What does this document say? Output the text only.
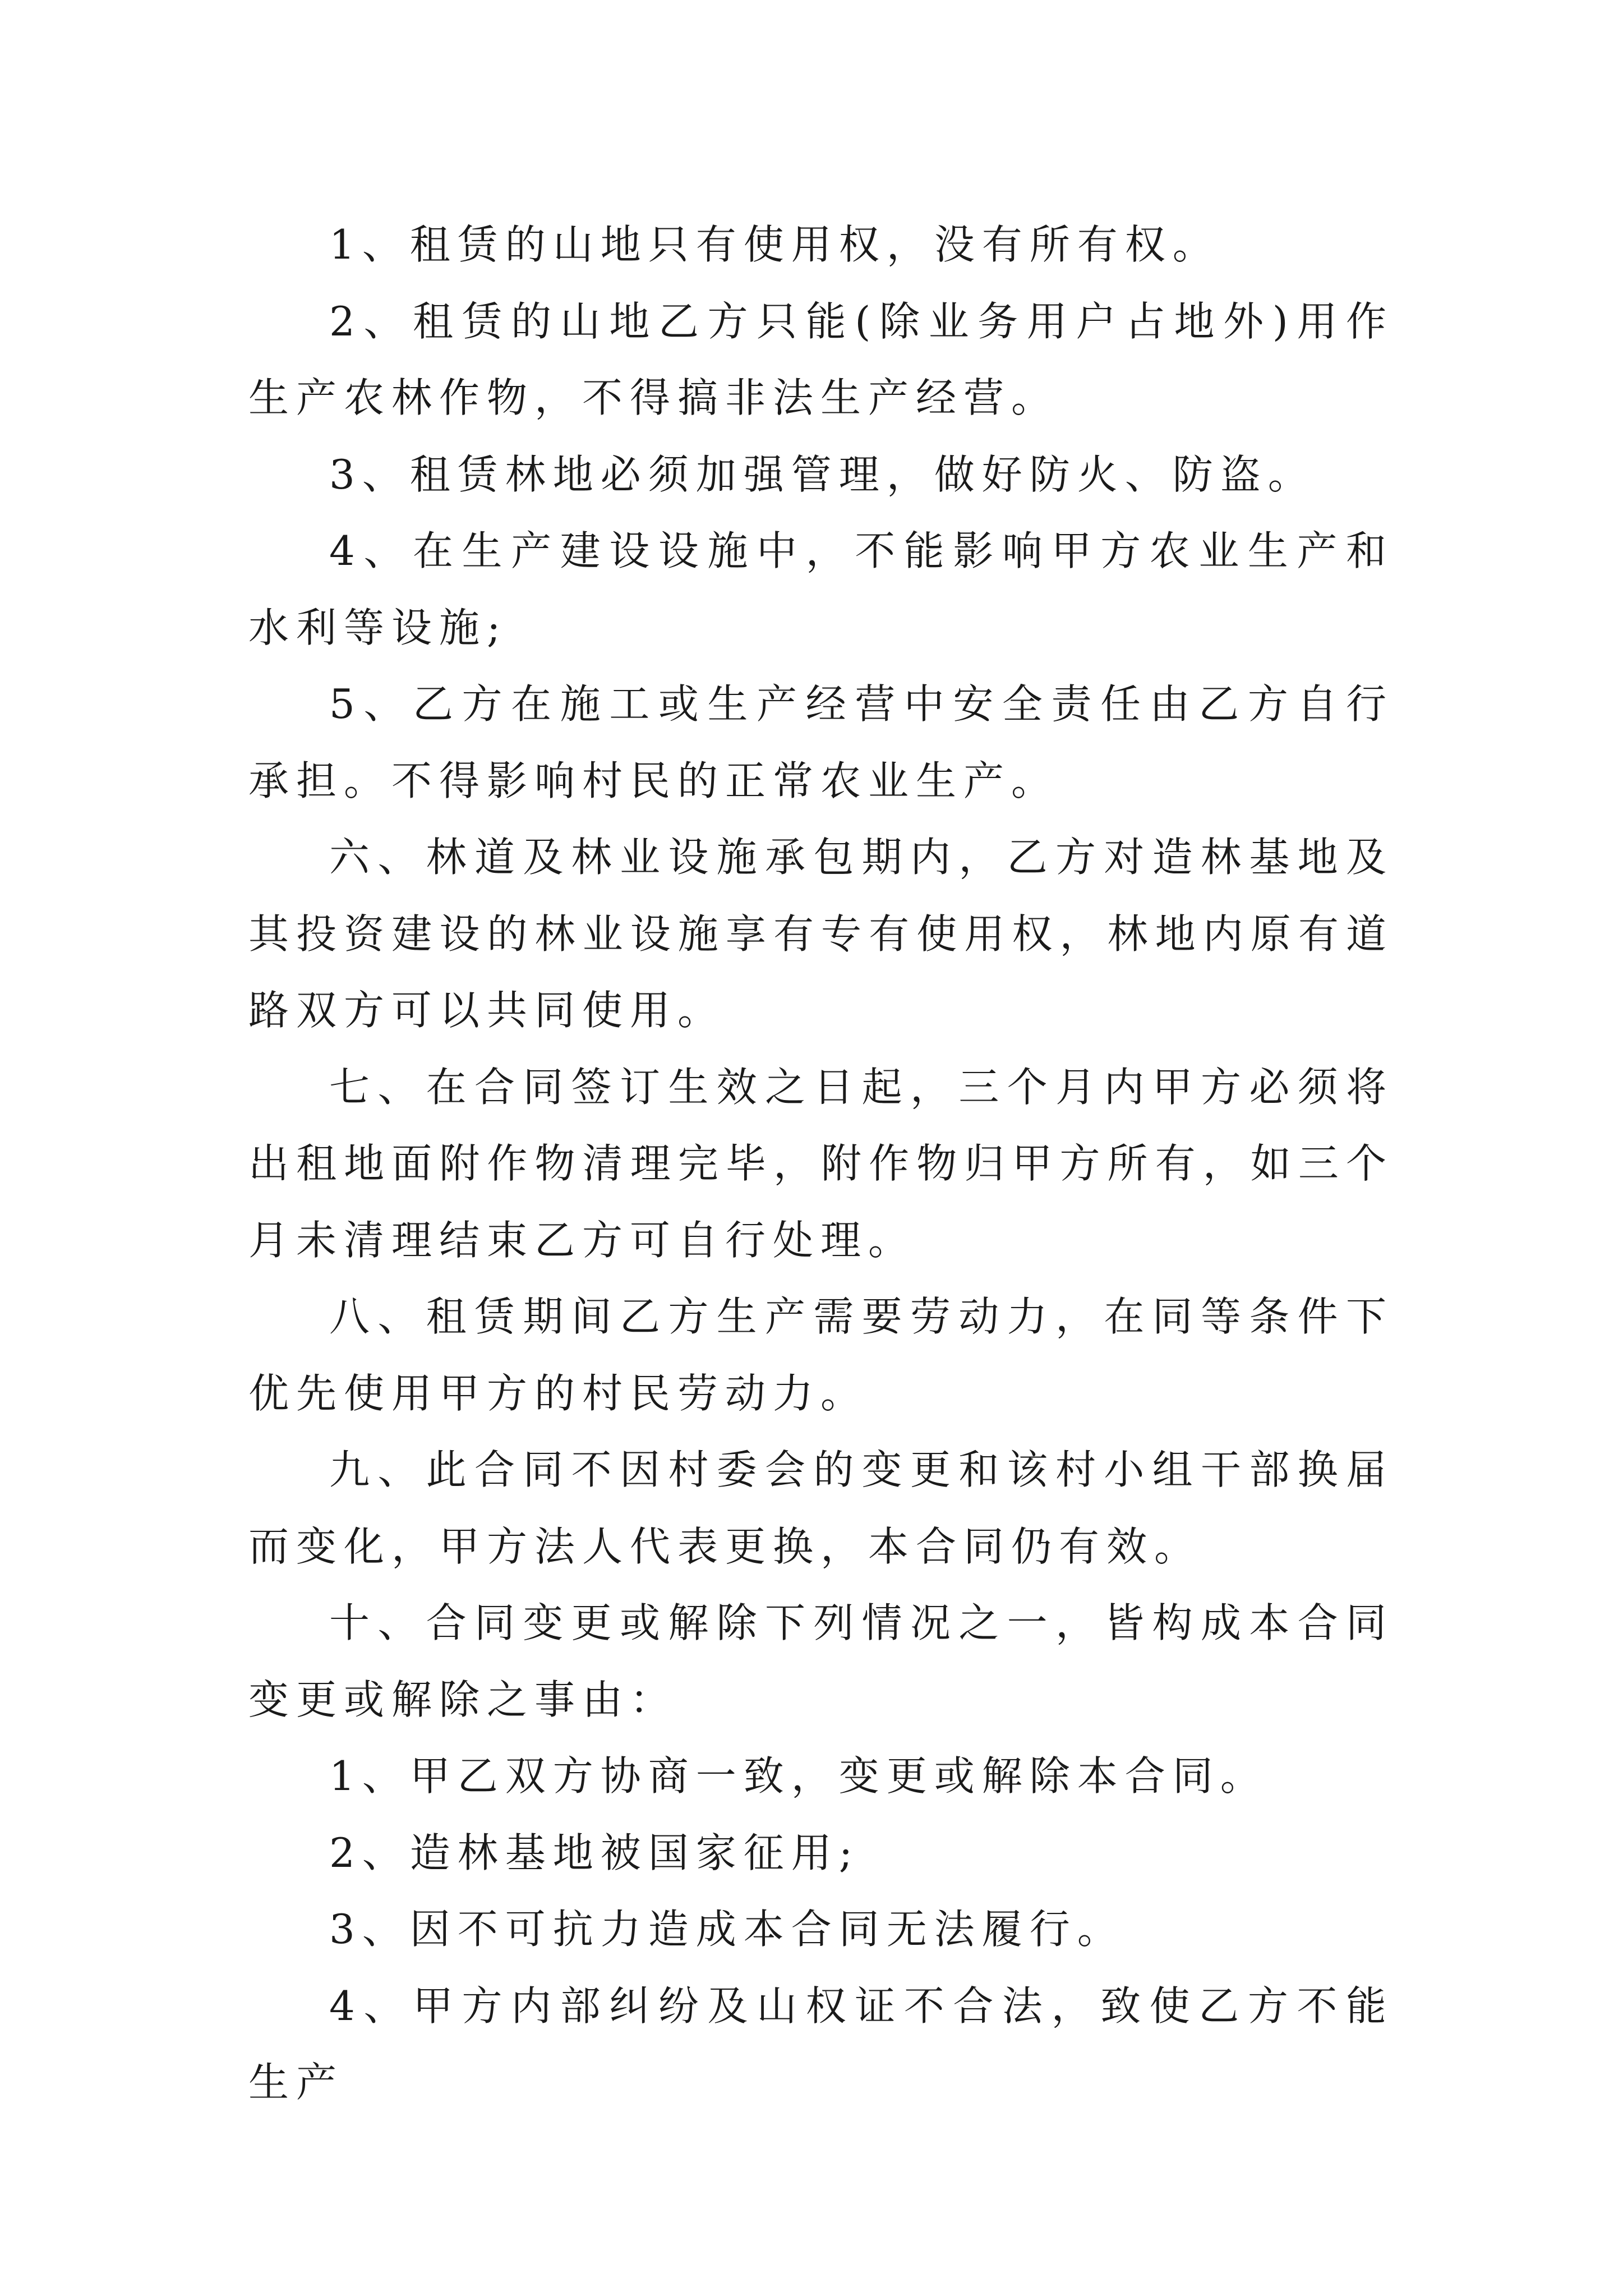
1、租赁的山地只有使用权，没有所有权。

2、租赁的山地乙方只能(除业务用户占地外)用作生产农林作物，不得搞非法生产经营。

3、租赁林地必须加强管理，做好防火、防盗。

4、在生产建设设施中，不能影响甲方农业生产和水利等设施;

5、乙方在施工或生产经营中安全责任由乙方自行承担。不得影响村民的正常农业生产。

六、林道及林业设施承包期内，乙方对造林基地及其投资建设的林业设施享有专有使用权，林地内原有道路双方可以共同使用。

七、在合同签订生效之日起，三个月内甲方必须将出租地面附作物清理完毕，附作物归甲方所有，如三个月未清理结束乙方可自行处理。

八、租赁期间乙方生产需要劳动力，在同等条件下优先使用甲方的村民劳动力。

九、此合同不因村委会的变更和该村小组干部换届而变化，甲方法人代表更换，本合同仍有效。

十、合同变更或解除下列情况之一，皆构成本合同变更或解除之事由：

1、甲乙双方协商一致，变更或解除本合同。

2、造林基地被国家征用;

3、因不可抗力造成本合同无法履行。

4、甲方内部纠纷及山权证不合法，致使乙方不能生产
